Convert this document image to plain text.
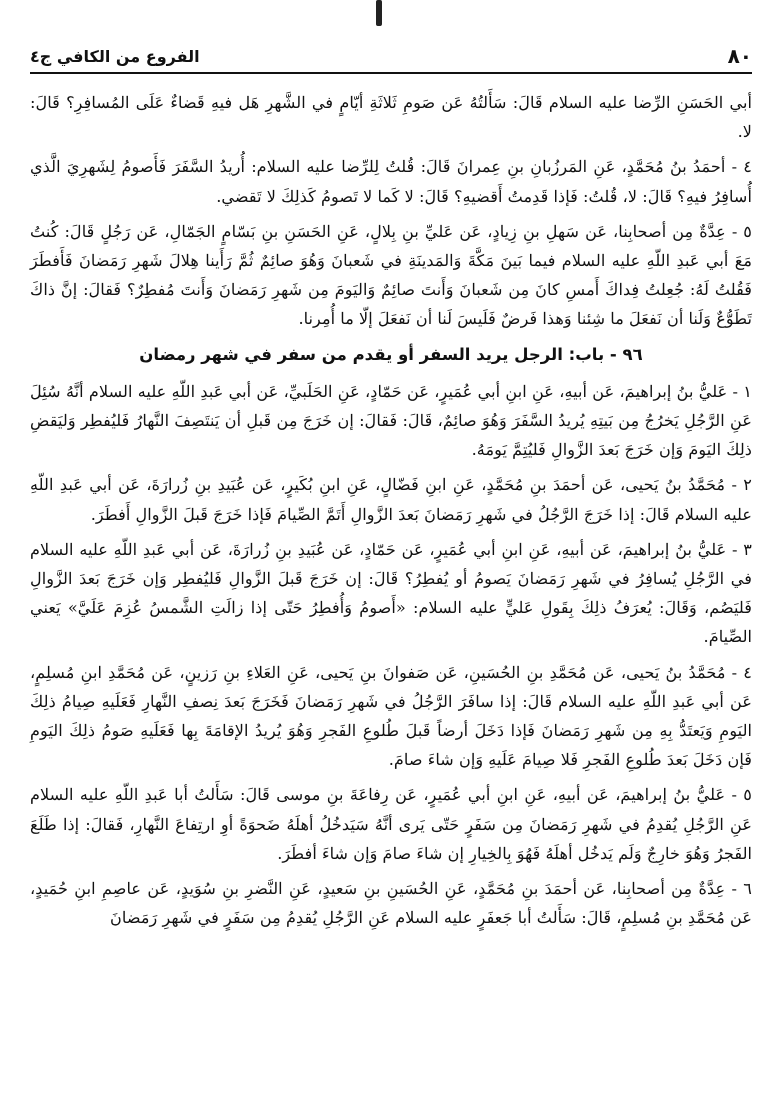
٨٠
الفروع من الكافي ج٤

أبي الحَسَنِ الرِّضا عليه السلام قَالَ: سَأَلتُهُ عَن صَومِ ثَلاثَةِ أيّامٍ في الشَّهرِ هَل فيهِ قَضاءٌ عَلَى المُسافِرِ؟ قَالَ: لا.

٤ - أحمَدُ بنُ مُحَمَّدٍ، عَنِ المَرزُبانِ بنِ عِمرانَ قَالَ: قُلتُ لِلرِّضا عليه السلام: أُريدُ السَّفَرَ فَأَصومُ لِشَهرِيَ الَّذي أُسافِرُ فيهِ؟ قَالَ: لا، قُلتُ: فَإذا قَدِمتُ أَقضيهِ؟ قَالَ: لا كَما لا تَصومُ كَذلِكَ لا تَقضي.

٥ - عِدَّةٌ مِن أصحابِنا، عَن سَهلِ بنِ زِيادٍ، عَن عَليِّ بنِ بِلالٍ، عَنِ الحَسَنِ بنِ بَسّامٍ الجَمّالِ، عَن رَجُلٍ قَالَ: كُنتُ مَعَ أبي عَبدِ اللّهِ عليه السلام فيما بَينَ مَكَّةَ وَالمَدينَةِ في شَعبانَ وَهُوَ صائِمٌ ثُمَّ رَأَينا هِلالَ شَهرِ رَمَضانَ فَأَفطَرَ فَقُلتُ لَهُ: جُعِلتُ فِداكَ أَمسِ كانَ مِن شَعبانَ وَأَنتَ صائِمٌ وَاليَومَ مِن شَهرِ رَمَضانَ وَأَنتَ مُفطِرٌ؟ فَقالَ: إنَّ ذاكَ تَطَوُّعٌ وَلَنا أن نَفعَلَ ما شِئنا وَهذا فَرضٌ فَلَيسَ لَنا أن نَفعَلَ إلّا ما أُمِرنا.

٩٦ - باب: الرجل يريد السفر أو يقدم من سفر في شهر رمضان

١ - عَليُّ بنُ إبراهيمَ، عَن أبيهِ، عَنِ ابنِ أبي عُمَيرٍ، عَن حَمّادٍ، عَنِ الحَلَبيِّ، عَن أبي عَبدِ اللّهِ عليه السلام أنَّهُ سُئِلَ عَنِ الرَّجُلِ يَخرُجُ مِن بَيتِهِ يُريدُ السَّفَرَ وَهُوَ صائِمٌ، قَالَ: فَقالَ: إن خَرَجَ مِن قَبلِ أن يَنتَصِفَ النَّهارُ فَليُفطِر وَليَقضِ ذلِكَ اليَومَ وَإن خَرَجَ بَعدَ الزَّوالِ فَليُتِمَّ يَومَهُ.

٢ - مُحَمَّدُ بنُ يَحيى، عَن أحمَدَ بنِ مُحَمَّدٍ، عَنِ ابنِ فَضّالٍ، عَنِ ابنِ بُكَيرٍ، عَن عُبَيدِ بنِ زُرارَةَ، عَن أبي عَبدِ اللّهِ عليه السلام قَالَ: إذا خَرَجَ الرَّجُلُ في شَهرِ رَمَضانَ بَعدَ الزَّوالِ أَتَمَّ الصِّيامَ فَإذا خَرَجَ قَبلَ الزَّوالِ أَفطَرَ.

٣ - عَليُّ بنُ إبراهيمَ، عَن أبيهِ، عَنِ ابنِ أبي عُمَيرٍ، عَن حَمّادٍ، عَن عُبَيدِ بنِ زُرارَةَ، عَن أبي عَبدِ اللّهِ عليه السلام في الرَّجُلِ يُسافِرُ في شَهرِ رَمَضانَ يَصومُ أو يُفطِرُ؟ قَالَ: إن خَرَجَ قَبلَ الزَّوالِ فَليُفطِر وَإن خَرَجَ بَعدَ الزَّوالِ فَليَصُم، وَقَالَ: يُعرَفُ ذلِكَ بِقَولِ عَليٍّ عليه السلام: «أَصومُ وَأُفطِرُ حَتّى إذا زالَتِ الشَّمسُ عُزِمَ عَلَيَّ» يَعني الصِّيامَ.

٤ - مُحَمَّدُ بنُ يَحيى، عَن مُحَمَّدِ بنِ الحُسَينِ، عَن صَفوانَ بنِ يَحيى، عَنِ العَلاءِ بنِ رَزينٍ، عَن مُحَمَّدِ ابنِ مُسلِمٍ، عَن أبي عَبدِ اللّهِ عليه السلام قَالَ: إذا سافَرَ الرَّجُلُ في شَهرِ رَمَضانَ فَخَرَجَ بَعدَ نِصفِ النَّهارِ فَعَلَيهِ صِيامُ ذلِكَ اليَومِ وَيَعتَدُّ بِهِ مِن شَهرِ رَمَضانَ فَإذا دَخَلَ أرضاً قَبلَ طُلوعِ الفَجرِ وَهُوَ يُريدُ الإقامَةَ بِها فَعَلَيهِ صَومُ ذلِكَ اليَومِ فَإن دَخَلَ بَعدَ طُلوعِ الفَجرِ فَلا صِيامَ عَلَيهِ وَإن شاءَ صامَ.

٥ - عَليُّ بنُ إبراهيمَ، عَن أبيهِ، عَنِ ابنِ أبي عُمَيرٍ، عَن رِفاعَةَ بنِ موسى قَالَ: سَأَلتُ أبا عَبدِ اللّهِ عليه السلام عَنِ الرَّجُلِ يُقدِمُ في شَهرِ رَمَضانَ مِن سَفَرٍ حَتّى يَرى أنَّهُ سَيَدخُلُ أهلَهُ ضَحوَةً أوِ ارتِفاعَ النَّهارِ، فَقالَ: إذا طَلَعَ الفَجرُ وَهُوَ خارِجٌ وَلَم يَدخُل أهلَهُ فَهُوَ بِالخِيارِ إن شاءَ صامَ وَإن شاءَ أفطَرَ.

٦ - عِدَّةٌ مِن أصحابِنا، عَن أحمَدَ بنِ مُحَمَّدٍ، عَنِ الحُسَينِ بنِ سَعيدٍ، عَنِ النَّضرِ بنِ سُوَيدٍ، عَن عاصِمِ ابنِ حُمَيدٍ، عَن مُحَمَّدِ بنِ مُسلِمٍ، قَالَ: سَأَلتُ أبا جَعفَرٍ عليه السلام عَنِ الرَّجُلِ يُقدِمُ مِن سَفَرٍ في شَهرِ رَمَضانَ
